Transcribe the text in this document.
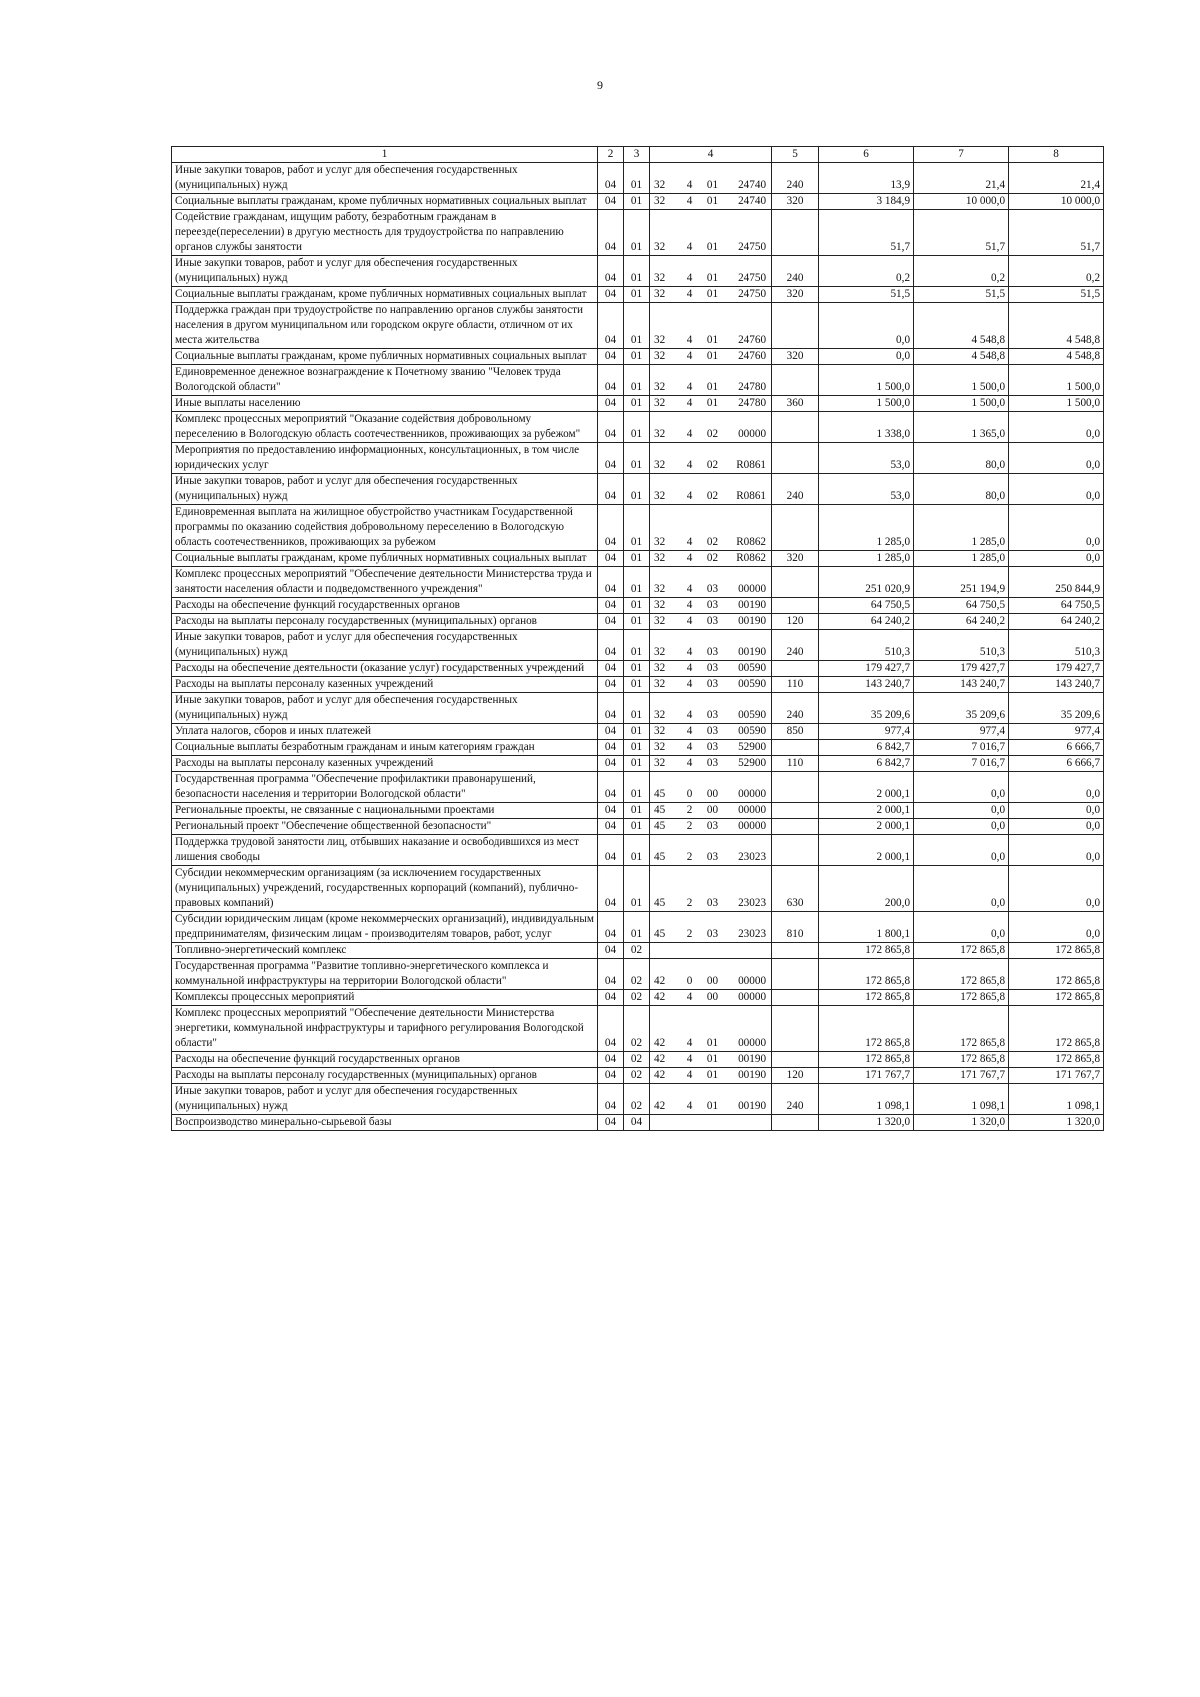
9
1	2	3	4				5	6	7	8
Иные закупки товаров, работ и услуг для обеспечения государственных (муниципальных) нужд	04	01	32	4	01	24740	240	13,9	21,4	21,4
Социальные выплаты гражданам, кроме публичных нормативных социальных выплат	04	01	32	4	01	24740	320	3 184,9	10 000,0	10 000,0
Содействие гражданам, ищущим работу, безработным гражданам в переезде(переселении) в другую местность для трудоустройства по направлению органов службы занятости	04	01	32	4	01	24750		51,7	51,7	51,7
Иные закупки товаров, работ и услуг для обеспечения государственных (муниципальных) нужд	04	01	32	4	01	24750	240	0,2	0,2	0,2
Социальные выплаты гражданам, кроме публичных нормативных социальных выплат	04	01	32	4	01	24750	320	51,5	51,5	51,5
Поддержка граждан при трудоустройстве по направлению органов службы занятости населения в другом муниципальном или городском округе области, отличном от их места жительства	04	01	32	4	01	24760		0,0	4 548,8	4 548,8
Социальные выплаты гражданам, кроме публичных нормативных социальных выплат	04	01	32	4	01	24760	320	0,0	4 548,8	4 548,8
Единовременное денежное вознаграждение к Почетному званию "Человек труда Вологодской области"	04	01	32	4	01	24780		1 500,0	1 500,0	1 500,0
Иные выплаты населению	04	01	32	4	01	24780	360	1 500,0	1 500,0	1 500,0
Комплекс процессных мероприятий "Оказание содействия добровольному переселению в Вологодскую область соотечественников, проживающих за рубежом"	04	01	32	4	02	00000		1 338,0	1 365,0	0,0
Мероприятия по предоставлению информационных, консультационных, в том числе юридических услуг	04	01	32	4	02	R0861		53,0	80,0	0,0
Иные закупки товаров, работ и услуг для обеспечения государственных (муниципальных) нужд	04	01	32	4	02	R0861	240	53,0	80,0	0,0
Единовременная выплата на жилищное обустройство участникам Государственной программы по оказанию содействия добровольному переселению в Вологодскую область соотечественников, проживающих за рубежом	04	01	32	4	02	R0862		1 285,0	1 285,0	0,0
Социальные выплаты гражданам, кроме публичных нормативных социальных выплат	04	01	32	4	02	R0862	320	1 285,0	1 285,0	0,0
Комплекс процессных мероприятий "Обеспечение деятельности Министерства труда и занятости населения области и подведомственного учреждения"	04	01	32	4	03	00000		251 020,9	251 194,9	250 844,9
Расходы на обеспечение функций государственных органов	04	01	32	4	03	00190		64 750,5	64 750,5	64 750,5
Расходы на выплаты персоналу государственных (муниципальных) органов	04	01	32	4	03	00190	120	64 240,2	64 240,2	64 240,2
Иные закупки товаров, работ и услуг для обеспечения государственных (муниципальных) нужд	04	01	32	4	03	00190	240	510,3	510,3	510,3
Расходы на обеспечение деятельности (оказание услуг) государственных учреждений	04	01	32	4	03	00590		179 427,7	179 427,7	179 427,7
Расходы на выплаты персоналу казенных учреждений	04	01	32	4	03	00590	110	143 240,7	143 240,7	143 240,7
Иные закупки товаров, работ и услуг для обеспечения государственных (муниципальных) нужд	04	01	32	4	03	00590	240	35 209,6	35 209,6	35 209,6
Уплата налогов, сборов и иных платежей	04	01	32	4	03	00590	850	977,4	977,4	977,4
Социальные выплаты безработным гражданам и иным категориям граждан	04	01	32	4	03	52900		6 842,7	7 016,7	6 666,7
Расходы на выплаты персоналу казенных учреждений	04	01	32	4	03	52900	110	6 842,7	7 016,7	6 666,7
Государственная программа "Обеспечение профилактики правонарушений, безопасности населения и территории Вологодской области"	04	01	45	0	00	00000		2 000,1	0,0	0,0
Региональные проекты, не связанные с национальными проектами	04	01	45	2	00	00000		2 000,1	0,0	0,0
Региональный проект "Обеспечение общественной безопасности"	04	01	45	2	03	00000		2 000,1	0,0	0,0
Поддержка трудовой занятости лиц, отбывших наказание и освободившихся из мест лишения свободы	04	01	45	2	03	23023		2 000,1	0,0	0,0
Субсидии некоммерческим организациям (за исключением государственных (муниципальных) учреждений, государственных корпораций (компаний), публично-правовых компаний)	04	01	45	2	03	23023	630	200,0	0,0	0,0
Субсидии юридическим лицам (кроме некоммерческих организаций), индивидуальным предпринимателям, физическим лицам - производителям товаров, работ, услуг	04	01	45	2	03	23023	810	1 800,1	0,0	0,0
Топливно-энергетический комплекс	04	02						172 865,8	172 865,8	172 865,8
Государственная программа "Развитие топливно-энергетического комплекса и коммунальной инфраструктуры на территории Вологодской области"	04	02	42	0	00	00000		172 865,8	172 865,8	172 865,8
Комплексы процессных мероприятий	04	02	42	4	00	00000		172 865,8	172 865,8	172 865,8
Комплекс процессных мероприятий "Обеспечение деятельности Министерства энергетики, коммунальной инфраструктуры и тарифного регулирования Вологодской области"	04	02	42	4	01	00000		172 865,8	172 865,8	172 865,8
Расходы на обеспечение функций государственных органов	04	02	42	4	01	00190		172 865,8	172 865,8	172 865,8
Расходы на выплаты персоналу государственных (муниципальных) органов	04	02	42	4	01	00190	120	171 767,7	171 767,7	171 767,7
Иные закупки товаров, работ и услуг для обеспечения государственных (муниципальных) нужд	04	02	42	4	01	00190	240	1 098,1	1 098,1	1 098,1
Воспроизводство минерально-сырьевой базы	04	04						1 320,0	1 320,0	1 320,0
